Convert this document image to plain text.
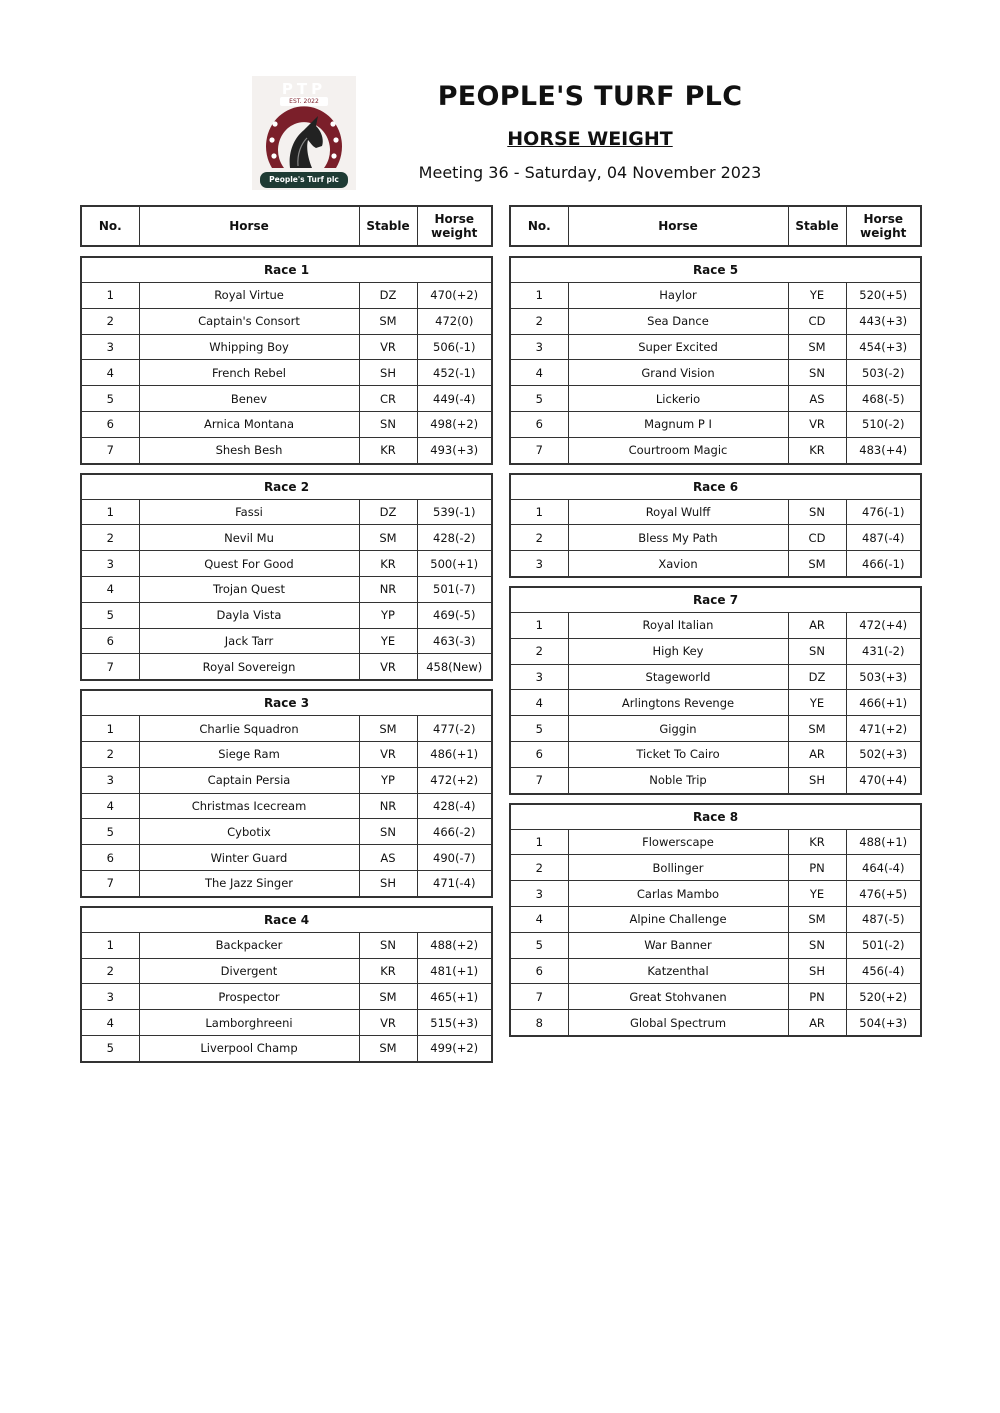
PTP
EST. 2022
People's Turf plc
PEOPLE'S TURF PLC
HORSE WEIGHT
Meeting 36 - Saturday, 04 November 2023
No.	Horse	Stable	Horse
weight
Race 1			
1	Royal Virtue	DZ	470(+2)
2	Captain's Consort	SM	472(0)
3	Whipping Boy	VR	506(-1)
4	French Rebel	SH	452(-1)
5	Benev	CR	449(-4)
6	Arnica Montana	SN	498(+2)
7	Shesh Besh	KR	493(+3)
Race 2			
1	Fassi	DZ	539(-1)
2	Nevil Mu	SM	428(-2)
3	Quest For Good	KR	500(+1)
4	Trojan Quest	NR	501(-7)
5	Dayla Vista	YP	469(-5)
6	Jack Tarr	YE	463(-3)
7	Royal Sovereign	VR	458(New)
Race 3			
1	Charlie Squadron	SM	477(-2)
2	Siege Ram	VR	486(+1)
3	Captain Persia	YP	472(+2)
4	Christmas Icecream	NR	428(-4)
5	Cybotix	SN	466(-2)
6	Winter Guard	AS	490(-7)
7	The Jazz Singer	SH	471(-4)
Race 4			
1	Backpacker	SN	488(+2)
2	Divergent	KR	481(+1)
3	Prospector	SM	465(+1)
4	Lamborghreeni	VR	515(+3)
5	Liverpool Champ	SM	499(+2)
No.	Horse	Stable	Horse
weight
Race 5			
1	Haylor	YE	520(+5)
2	Sea Dance	CD	443(+3)
3	Super Excited	SM	454(+3)
4	Grand Vision	SN	503(-2)
5	Lickerio	AS	468(-5)
6	Magnum P I	VR	510(-2)
7	Courtroom Magic	KR	483(+4)
Race 6			
1	Royal Wulff	SN	476(-1)
2	Bless My Path	CD	487(-4)
3	Xavion	SM	466(-1)
Race 7			
1	Royal Italian	AR	472(+4)
2	High Key	SN	431(-2)
3	Stageworld	DZ	503(+3)
4	Arlingtons Revenge	YE	466(+1)
5	Giggin	SM	471(+2)
6	Ticket To Cairo	AR	502(+3)
7	Noble Trip	SH	470(+4)
Race 8			
1	Flowerscape	KR	488(+1)
2	Bollinger	PN	464(-4)
3	Carlas Mambo	YE	476(+5)
4	Alpine Challenge	SM	487(-5)
5	War Banner	SN	501(-2)
6	Katzenthal	SH	456(-4)
7	Great Stohvanen	PN	520(+2)
8	Global Spectrum	AR	504(+3)
